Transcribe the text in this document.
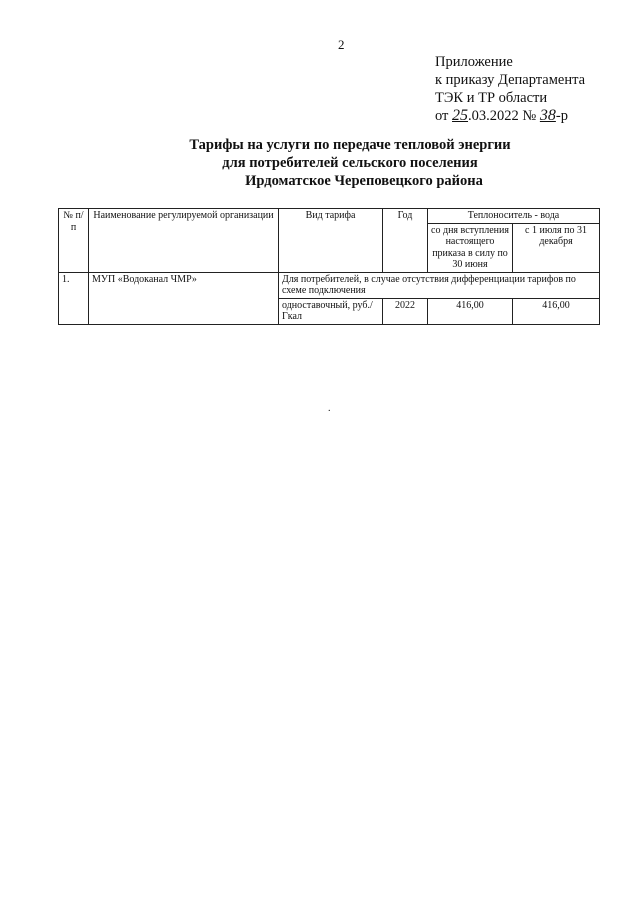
2
Приложение
к приказу Департамента
ТЭК и ТР области
от 25.03.2022 № 38-р
Тарифы на услуги по передаче тепловой энергии
для потребителей сельского поселения
Ирдоматское Череповецкого района
№ п/п	Наименование регулируемой организации	Вид тарифа	Год	Теплоноситель - вода	
				со дня вступления настоящего приказа в силу по 30 июня	с 1 июля по 31 декабря
1.	МУП «Водоканал ЧМР»	Для потребителей, в случае отсутствия дифференциации тарифов по схеме подключения			
		одноставочный, руб./Гкал	2022	416,00	416,00
.
